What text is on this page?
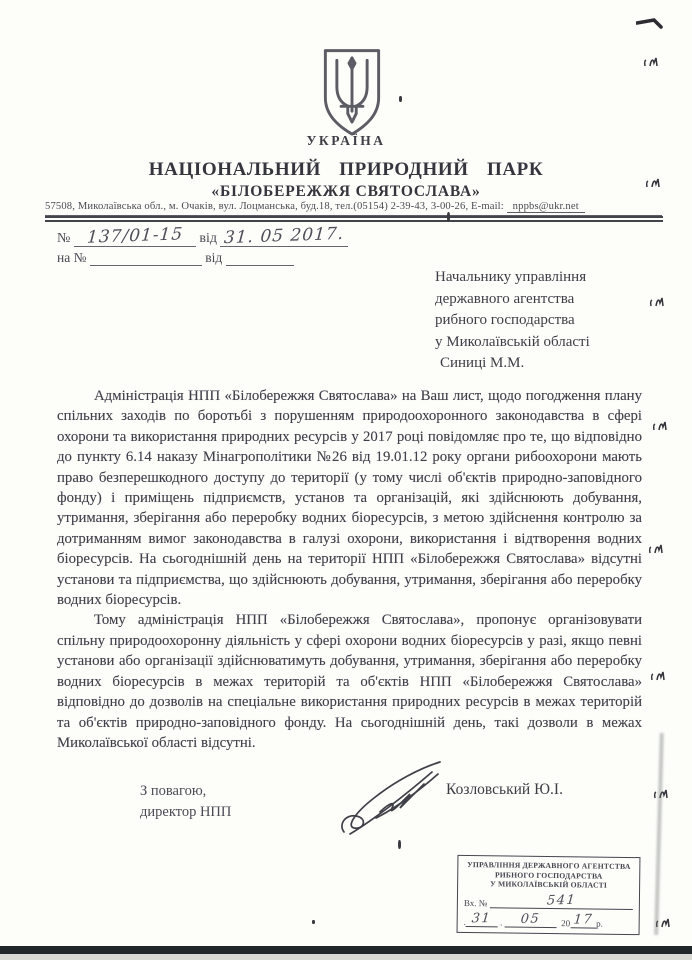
УКРАЇНА
НАЦІОНАЛЬНИЙ ПРИРОДНИЙ ПАРК
«БІЛОБЕРЕЖЖЯ СВЯТОСЛАВА»
57508, Миколаївська обл., м. Очаків, вул. Лоцманська, буд.18, тел.(05154) 2-39-43, 3-00-26, E-mail: nppbs@ukr.net
№ 137/01-15 від 31. 05 2017.
на №	від
Начальнику управління
державного агентства
рибного господарства
у Миколаївській області
Синиці М.М.

Адміністрація НПП «Білобережжя Святослава» на Ваш лист, щодо погодження плану спільних заходів по боротьбі з порушенням природоохоронного законодавства в сфері охорони та використання природних ресурсів у 2017 році повідомляє про те, що відповідно до пункту 6.14 наказу Мінагрополітики №26 від 19.01.12 року органи рибоохорони мають право безперешкодного доступу до території (у тому числі об'єктів природно-заповідного фонду) і приміщень підприємств, установ та організацій, які здійснюють добування, утримання, зберігання або переробку водних біоресурсів, з метою здійснення контролю за дотриманням вимог законодавства в галузі охорони, використання і відтворення водних біоресурсів. На сьогоднішній день на території НПП «Білобережжя Святослава» відсутні установи та підприємства, що здійснюють добування, утримання, зберігання або переробку водних біоресурсів.

Тому адміністрація НПП «Білобережжя Святослава», пропонує організовувати спільну природоохоронну діяльність у сфері охорони водних біоресурсів у разі, якщо певні установи або організації здійснюватимуть добування, утримання, зберігання або переробку водних біоресурсів в межах територій та об'єктів НПП «Білобережжя Святослава» відповідно до дозволів на спеціальне використання природних ресурсів в межах територій та об'єктів природно-заповідного фонду. На сьогоднішній день, такі дозволи в межах Миколаївської області відсутні.

З повагою,
директор НПП
Козловський Ю.І.
УПРАВЛІННЯ ДЕРЖАВНОГО АГЕНТСТВА
РИБНОГО ГОСПОДАРСТВА
У МИКОЛАЇВСЬКІЙ ОБЛАСТІ
Вх. №
	541
. 31 .	05
	20 17 р.
